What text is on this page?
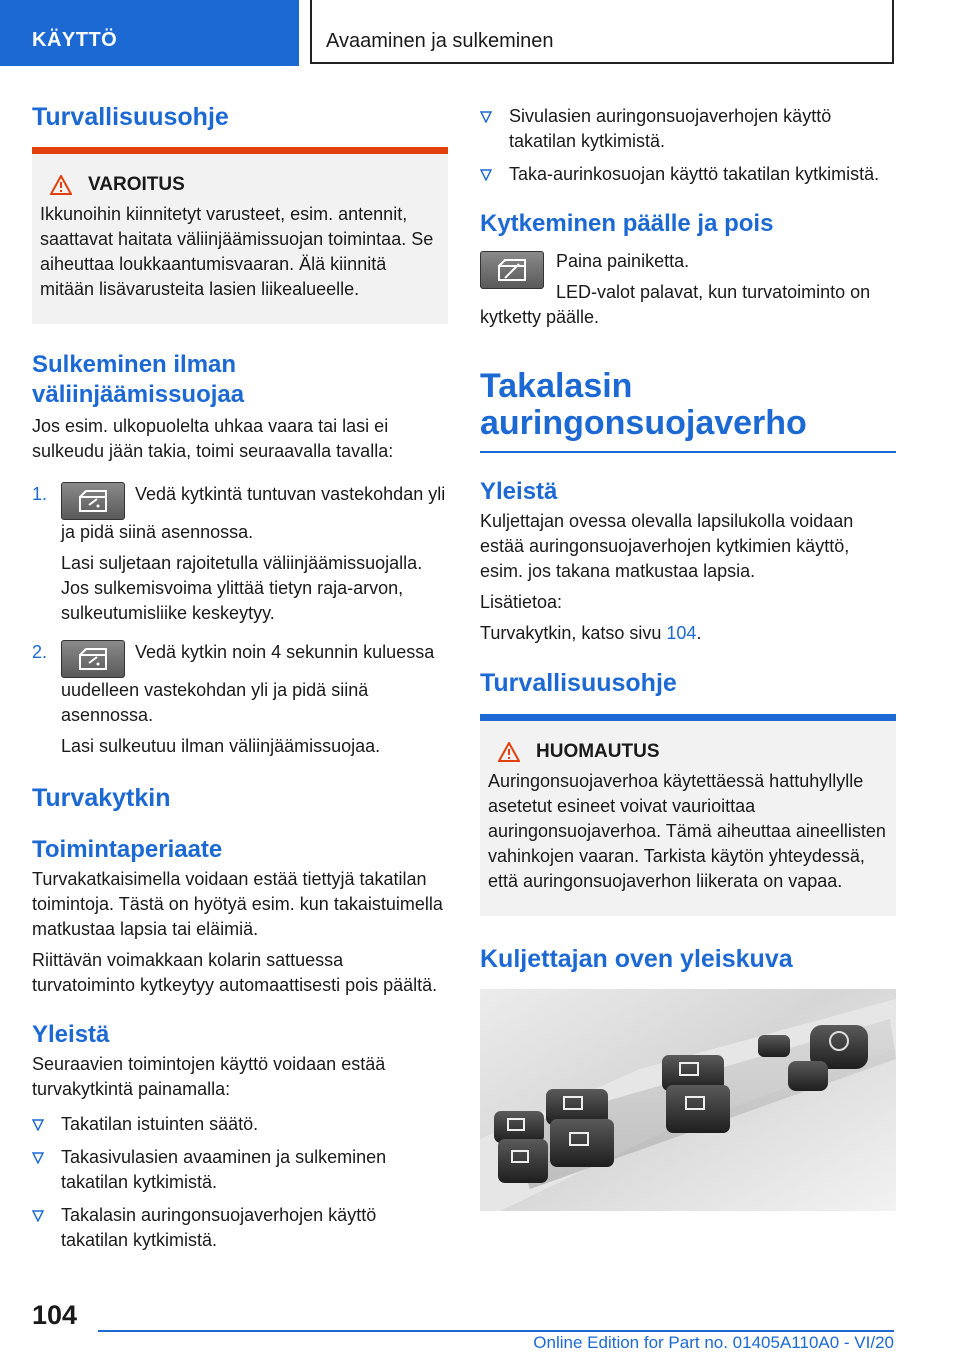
KÄYTTÖ	Avaaminen ja sulkeminen
Turvallisuusohje
VAROITUS

Ikkunoihin kiinnitetyt varusteet, esim. antennit, saattavat haitata väliinjäämissuojan toimintaa. Se aiheuttaa loukkaantumisvaaran. Älä kiinnitä mitään lisävarusteita lasien liikealueelle.

Sulkeminen ilman väliinjäämissuojaa

Jos esim. ulkopuolelta uhkaa vaara tai lasi ei sulkeudu jään takia, toimi seuraavalla tavalla:

1.	Vedä kytkintä tuntuvan vastekohdan yli ja pidä siinä asennossa.

Lasi suljetaan rajoitetulla väliinjäämissuojalla. Jos sulkemisvoima ylittää tietyn raja-arvon, sulkeutumisliike keskeytyy.

2.	Vedä kytkin noin 4 sekunnin kuluessa uudelleen vastekohdan yli ja pidä siinä asennossa.

Lasi sulkeutuu ilman väliinjäämissuojaa.

Turvakytkin
Toimintaperiaate

Turvakatkaisimella voidaan estää tiettyjä takatilan toimintoja. Tästä on hyötyä esim. kun takaistuimella matkustaa lapsia tai eläimiä.

Riittävän voimakkaan kolarin sattuessa turvatoiminto kytkeytyy automaattisesti pois päältä.

Yleistä

Seuraavien toimintojen käyttö voidaan estää turvakytkintä painamalla:

Takatilan istuinten säätö.

Takasivulasien avaaminen ja sulkeminen takatilan kytkimistä.

Takalasin auringonsuojaverhojen käyttö takatilan kytkimistä.

Sivulasien auringonsuojaverhojen käyttö takatilan kytkimistä.

Taka-aurinkosuojan käyttö takatilan kytkimistä.

Kytkeminen päälle ja pois

Paina painiketta.

LED-valot palavat, kun turvatoiminto on kytketty päälle.

Takalasin auringonsuojaverho
Yleistä

Kuljettajan ovessa olevalla lapsilukolla voidaan estää auringonsuojaverhojen kytkimien käyttö, esim. jos takana matkustaa lapsia.

Lisätietoa:

Turvakytkin, katso sivu 104.

Turvallisuusohje
HUOMAUTUS

Auringonsuojaverhoa käytettäessä hattuhyllylle asetetut esineet voivat vaurioittaa auringonsuojaverhoa. Tämä aiheuttaa aineellisten vahinkojen vaaran. Tarkista käytön yhteydessä, että auringonsuojaverhon liikerata on vapaa.

Kuljettajan oven yleiskuva
104
Online Edition for Part no. 01405A110A0 - VI/20
